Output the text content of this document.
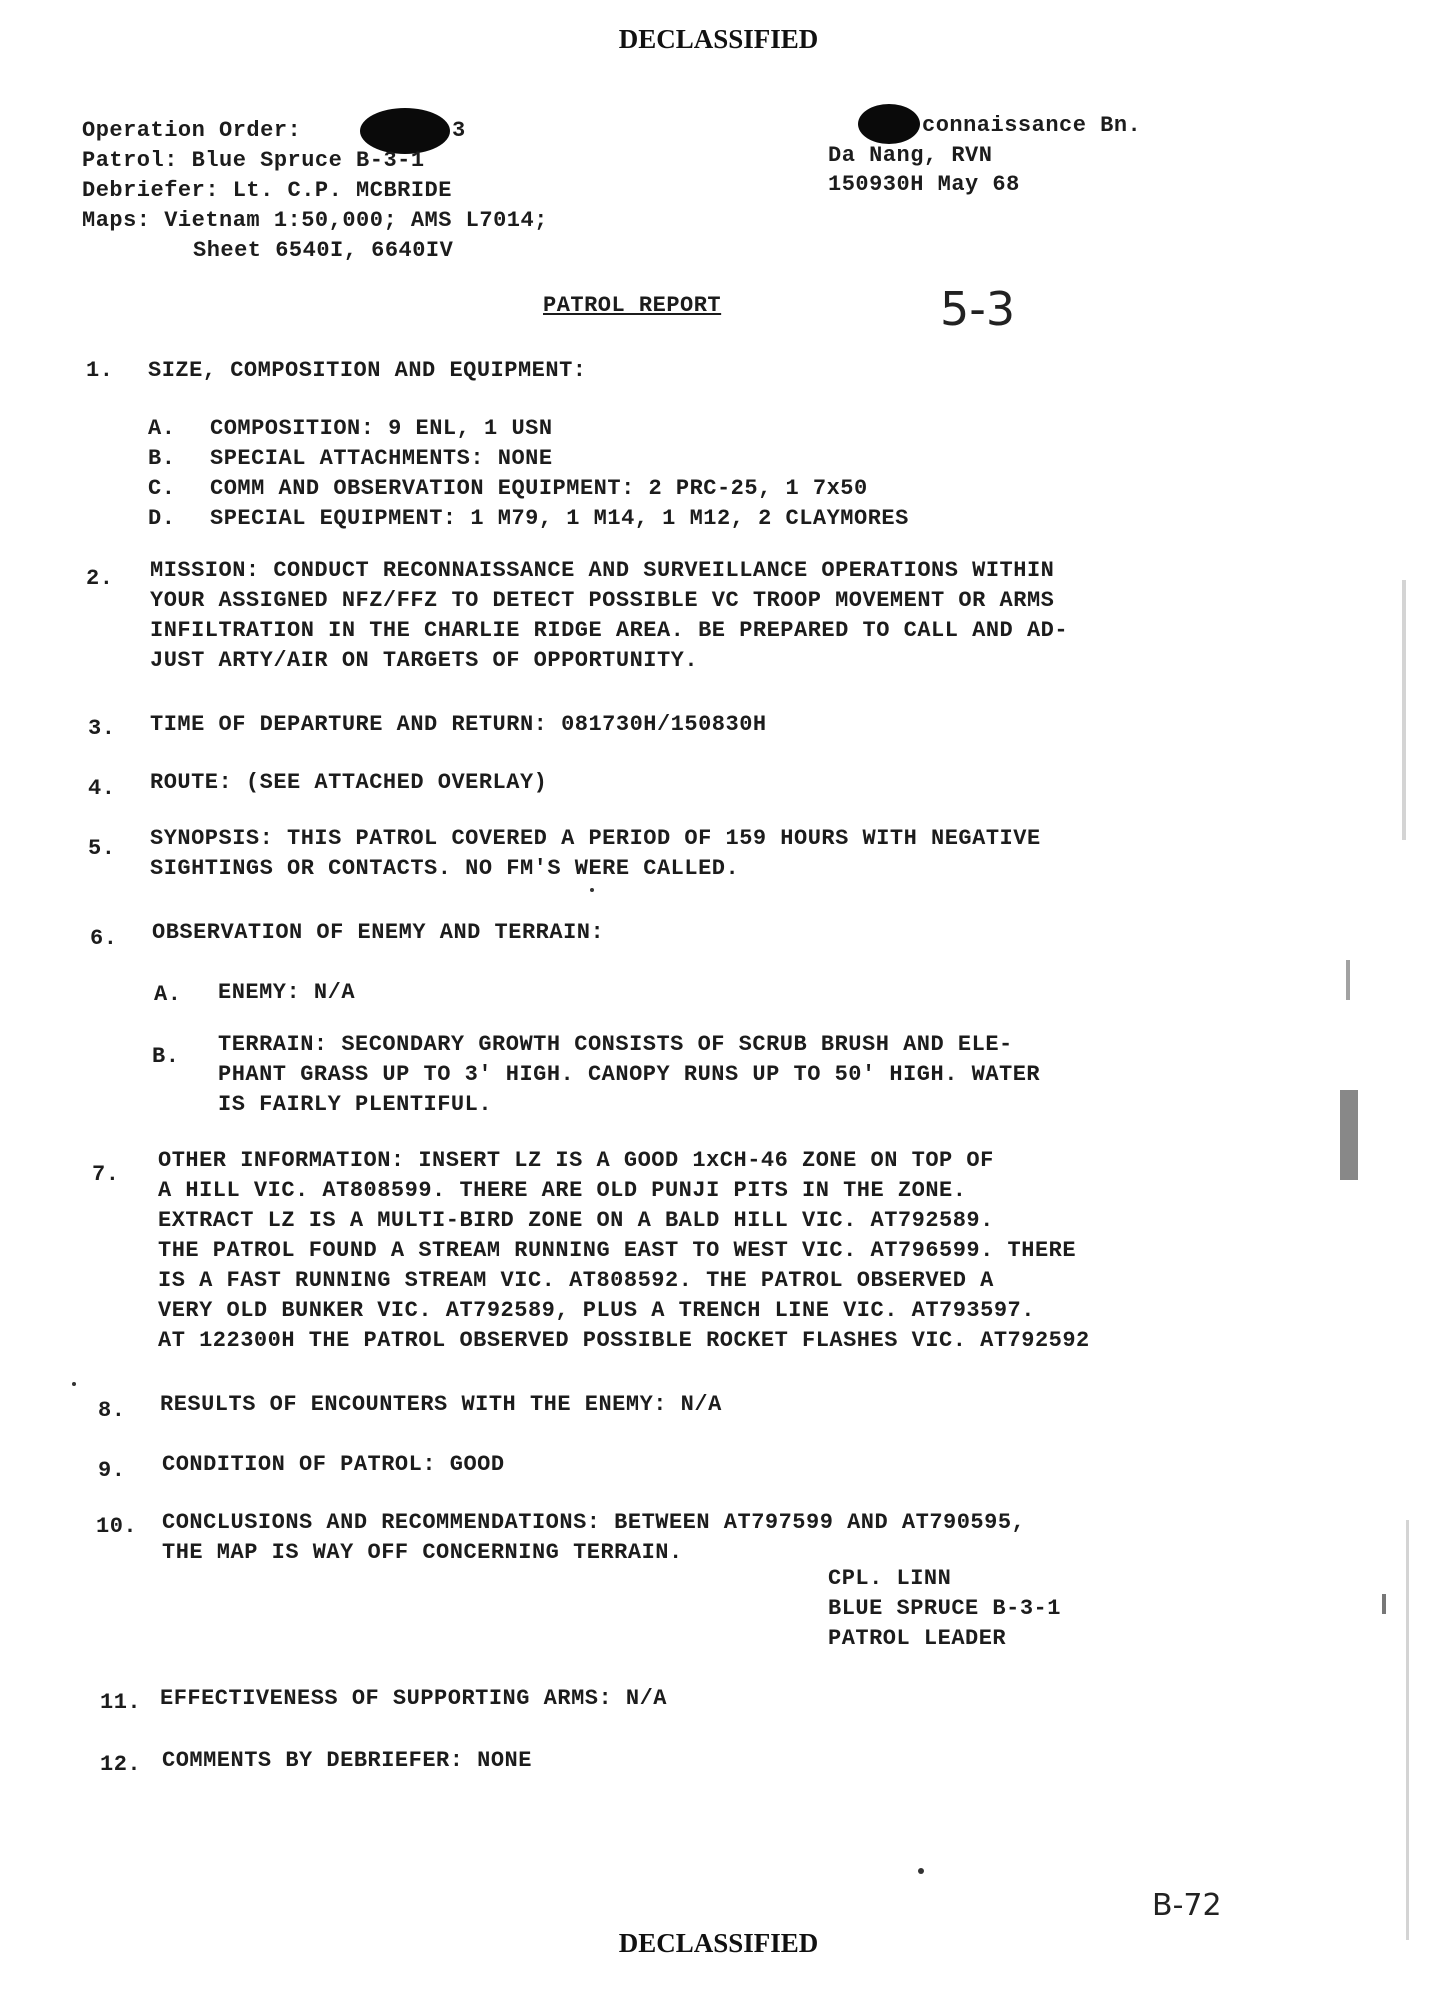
DECLASSIFIED
Operation Order:	3
Patrol: Blue Spruce B-3-1
Debriefer: Lt. C.P. MCBRIDE
Maps: Vietnam 1:50,000; AMS L7014;
Sheet 6540I, 6640IV
connaissance Bn.
Da Nang, RVN
150930H May 68
PATROL REPORT	5-3
1. SIZE, COMPOSITION AND EQUIPMENT:
A. COMPOSITION: 9 ENL, 1 USN
B. SPECIAL ATTACHMENTS: NONE
C. COMM AND OBSERVATION EQUIPMENT: 2 PRC-25, 1 7x50
D. SPECIAL EQUIPMENT: 1 M79, 1 M14, 1 M12, 2 CLAYMORES
2. MISSION: CONDUCT RECONNAISSANCE AND SURVEILLANCE OPERATIONS WITHIN
YOUR ASSIGNED NFZ/FFZ TO DETECT POSSIBLE VC TROOP MOVEMENT OR ARMS
INFILTRATION IN THE CHARLIE RIDGE AREA. BE PREPARED TO CALL AND AD-
JUST ARTY/AIR ON TARGETS OF OPPORTUNITY.
3. TIME OF DEPARTURE AND RETURN: 081730H/150830H
4. ROUTE: (SEE ATTACHED OVERLAY)
5. SYNOPSIS: THIS PATROL COVERED A PERIOD OF 159 HOURS WITH NEGATIVE
SIGHTINGS OR CONTACTS. NO FM'S WERE CALLED.
6. OBSERVATION OF ENEMY AND TERRAIN:
A. ENEMY: N/A
B. TERRAIN: SECONDARY GROWTH CONSISTS OF SCRUB BRUSH AND ELE-
PHANT GRASS UP TO 3' HIGH. CANOPY RUNS UP TO 50' HIGH. WATER
IS FAIRLY PLENTIFUL.
7.
OTHER INFORMATION: INSERT LZ IS A GOOD 1xCH-46 ZONE ON TOP OF
A HILL VIC. AT808599. THERE ARE OLD PUNJI PITS IN THE ZONE.
EXTRACT LZ IS A MULTI-BIRD ZONE ON A BALD HILL VIC. AT792589.
THE PATROL FOUND A STREAM RUNNING EAST TO WEST VIC. AT796599. THERE
IS A FAST RUNNING STREAM VIC. AT808592. THE PATROL OBSERVED A
VERY OLD BUNKER VIC. AT792589, PLUS A TRENCH LINE VIC. AT793597.
AT 122300H THE PATROL OBSERVED POSSIBLE ROCKET FLASHES VIC. AT792592
8. RESULTS OF ENCOUNTERS WITH THE ENEMY: N/A
9. CONDITION OF PATROL: GOOD
10. CONCLUSIONS AND RECOMMENDATIONS: BETWEEN AT797599 AND AT790595,
THE MAP IS WAY OFF CONCERNING TERRAIN.
CPL. LINN
BLUE SPRUCE B-3-1
PATROL LEADER
11. EFFECTIVENESS OF SUPPORTING ARMS: N/A
12. COMMENTS BY DEBRIEFER: NONE
B-72
DECLASSIFIED
